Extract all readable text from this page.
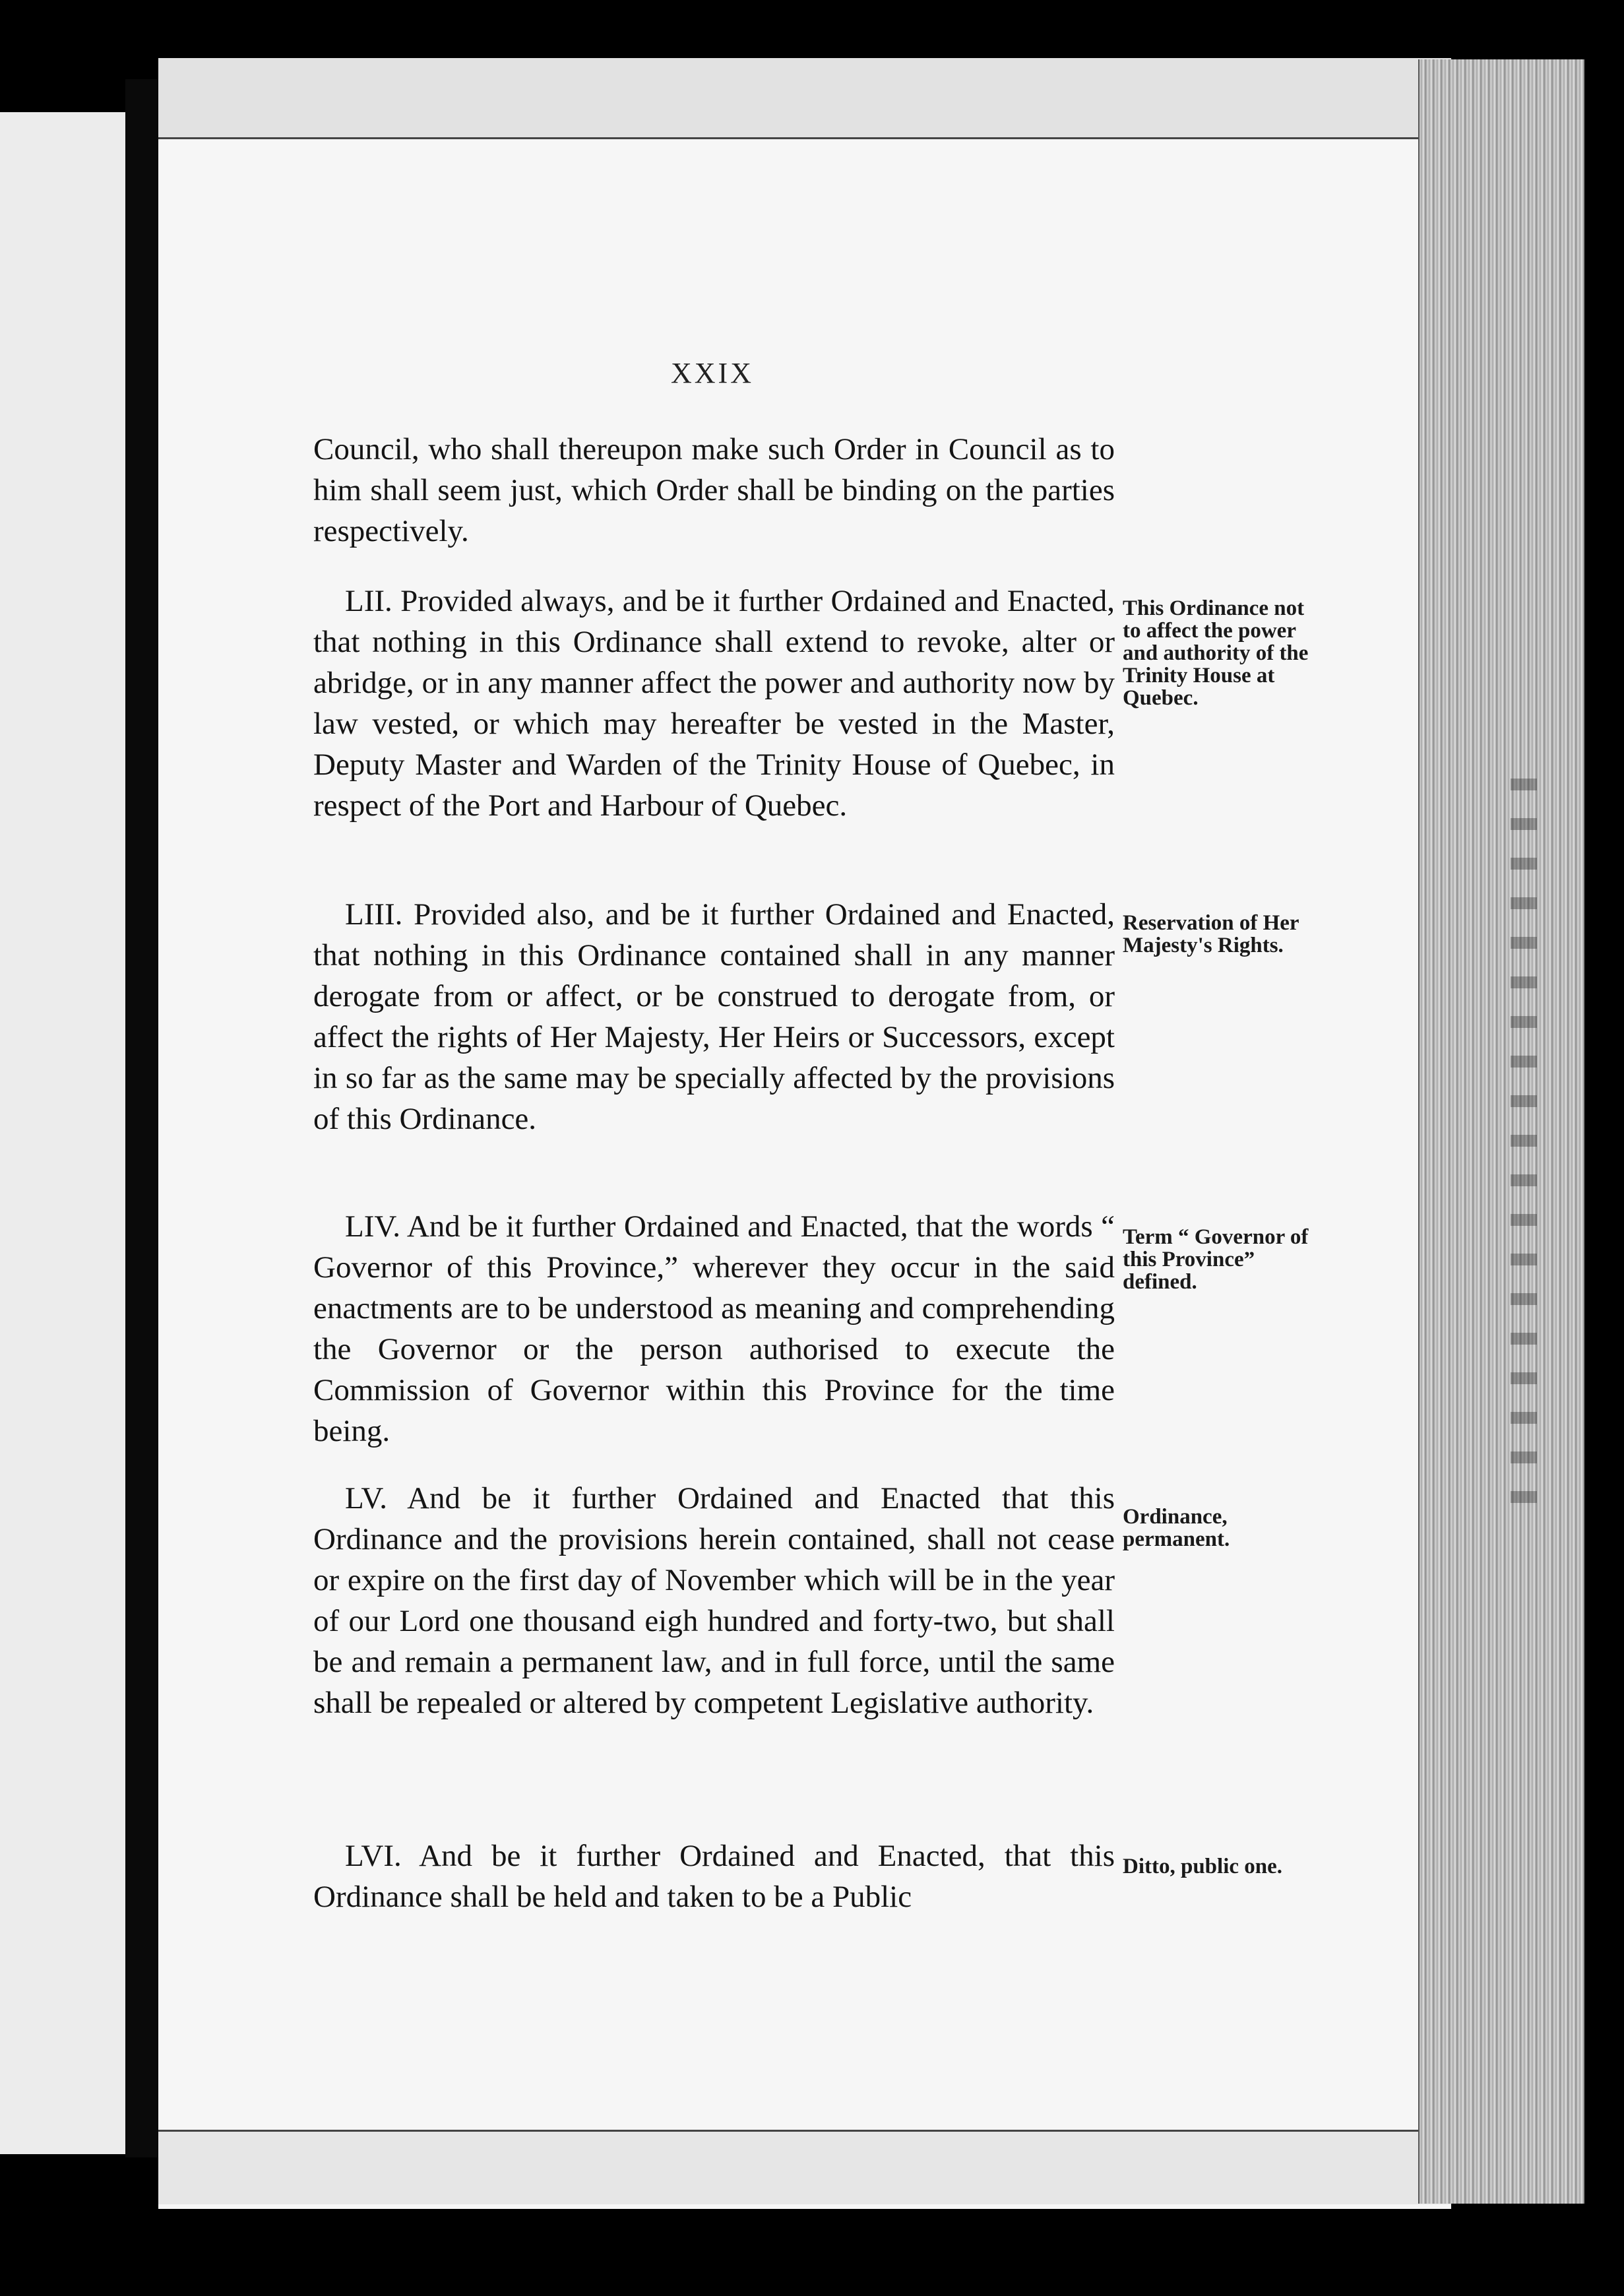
XXIX
Council, who shall thereupon make such Order in Council as to him shall seem just, which Order shall be binding on the parties respectively.
LII. Provided always, and be it further Ordained and Enacted, that nothing in this Ordinance shall extend to revoke, alter or abridge, or in any manner affect the power and authority now by law vested, or which may hereafter be vested in the Master, Deputy Master and Warden of the Trinity House of Quebec, in respect of the Port and Harbour of Quebec.
This Ordinance not to affect the power and authority of the Trinity House at Quebec.
LIII. Provided also, and be it further Ordained and Enacted, that nothing in this Ordinance contained shall in any manner derogate from or affect, or be construed to derogate from, or affect the rights of Her Majesty, Her Heirs or Successors, except in so far as the same may be specially affected by the provisions of this Ordinance.
Reservation of Her Majesty's Rights.
LIV. And be it further Ordained and Enacted, that the words “ Governor of this Province,” wherever they occur in the said enactments are to be understood as meaning and comprehending the Governor or the person authorised to execute the Commission of Governor within this Province for the time being.
Term “ Governor of this Province” defined.
LV. And be it further Ordained and Enacted that this Ordinance and the provisions herein contained, shall not cease or expire on the first day of November which will be in the year of our Lord one thousand eigh hundred and forty-two, but shall be and remain a permanent law, and in full force, until the same shall be repealed or altered by competent Legislative authority.
Ordinance, permanent.
LVI. And be it further Ordained and Enacted, that this Ordinance shall be held and taken to be a Public
Ditto, public one.
